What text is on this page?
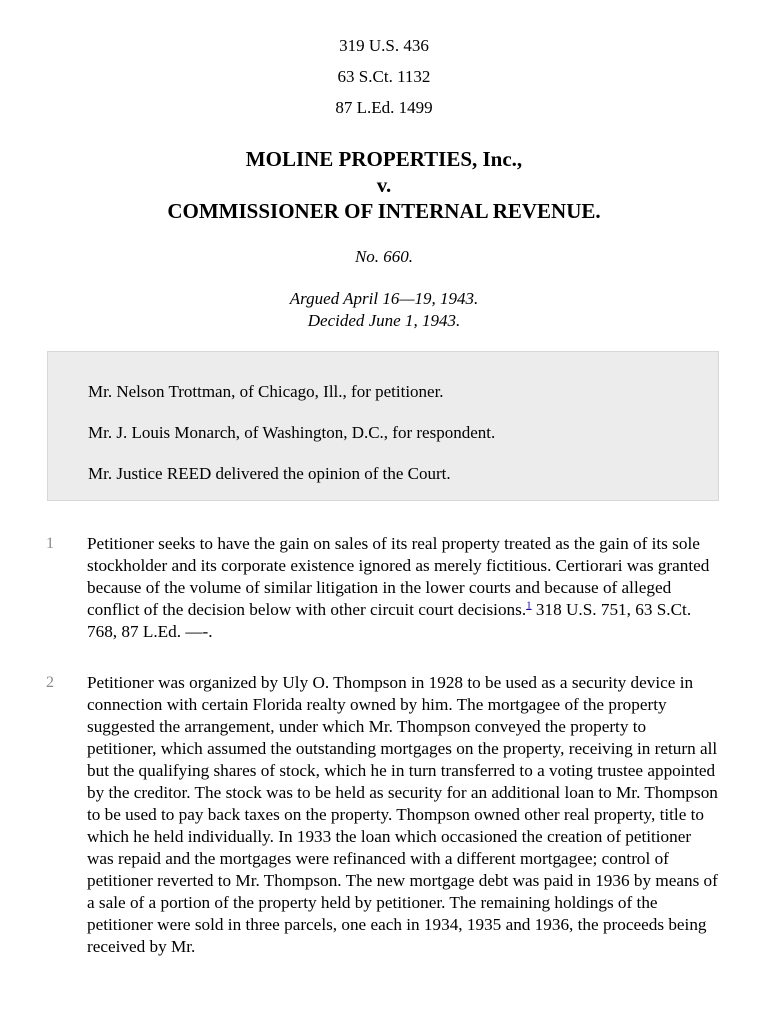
319 U.S. 436
63 S.Ct. 1132
87 L.Ed. 1499
MOLINE PROPERTIES, Inc.,
v.
COMMISSIONER OF INTERNAL REVENUE.
No. 660.
Argued April 16—19, 1943.
Decided June 1, 1943.
Mr. Nelson Trottman, of Chicago, Ill., for petitioner.
Mr. J. Louis Monarch, of Washington, D.C., for respondent.
Mr. Justice REED delivered the opinion of the Court.
1 Petitioner seeks to have the gain on sales of its real property treated as the gain of its sole stockholder and its corporate existence ignored as merely fictitious. Certiorari was granted because of the volume of similar litigation in the lower courts and because of alleged conflict of the decision below with other circuit court decisions.$^1$ 318 U.S. 751, 63 S.Ct. 768, 87 L.Ed. —-.
2 Petitioner was organized by Uly O. Thompson in 1928 to be used as a security device in connection with certain Florida realty owned by him. The mortgagee of the property suggested the arrangement, under which Mr. Thompson conveyed the property to petitioner, which assumed the outstanding mortgages on the property, receiving in return all but the qualifying shares of stock, which he in turn transferred to a voting trustee appointed by the creditor. The stock was to be held as security for an additional loan to Mr. Thompson to be used to pay back taxes on the property. Thompson owned other real property, title to which he held individually. In 1933 the loan which occasioned the creation of petitioner was repaid and the mortgages were refinanced with a different mortgagee; control of petitioner reverted to Mr. Thompson. The new mortgage debt was paid in 1936 by means of a sale of a portion of the property held by petitioner. The remaining holdings of the petitioner were sold in three parcels, one each in 1934, 1935 and 1936, the proceeds being received by Mr.
